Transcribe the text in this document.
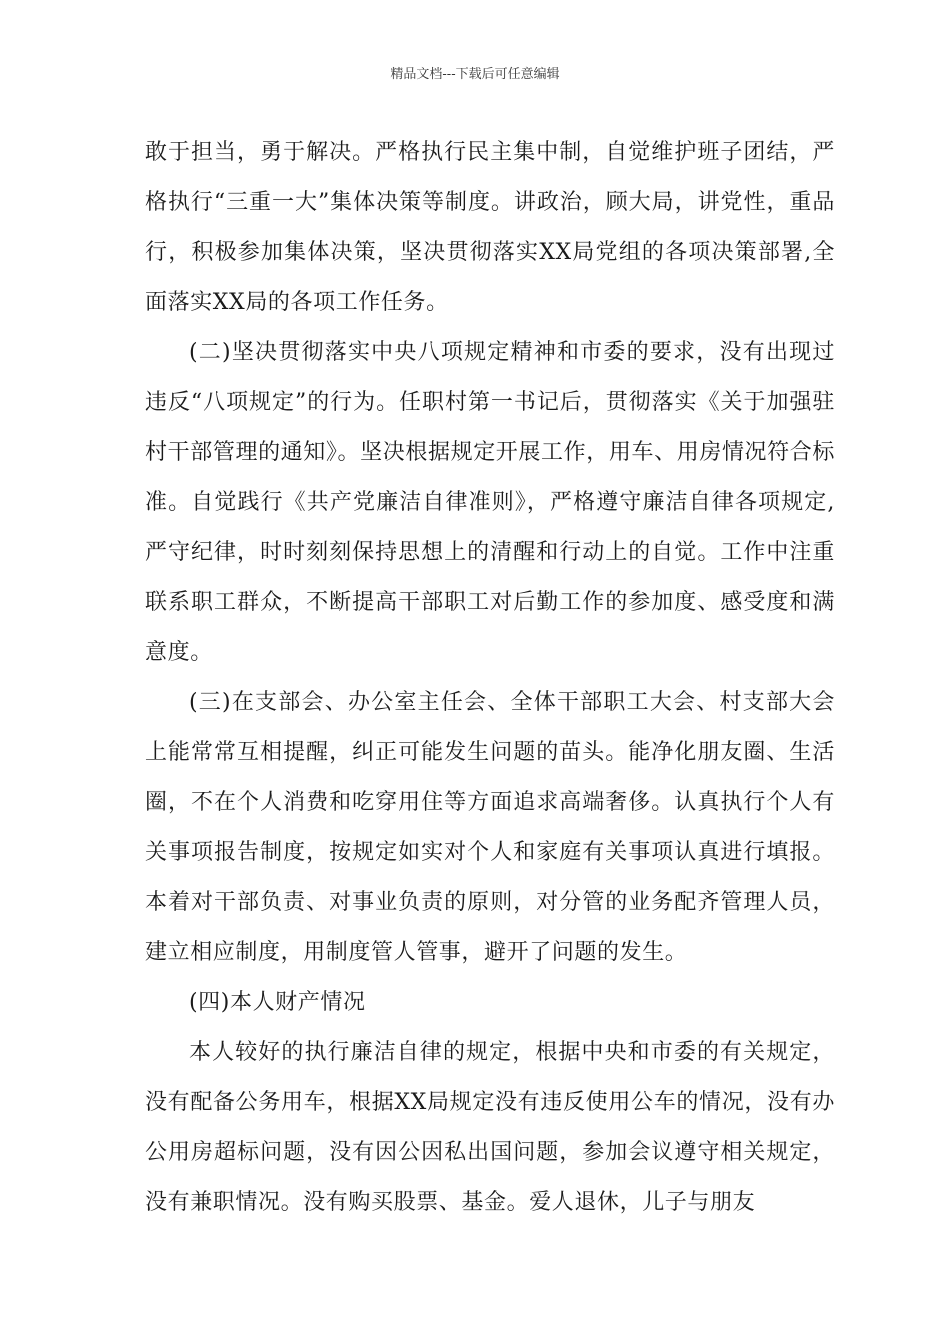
精品文档---下载后可任意编辑

敢于担当，勇于解决。严格执行民主集中制，自觉维护班子团结，严格执行“三重一大”集体决策等制度。讲政治，顾大局，讲党性，重品行，积极参加集体决策，坚决贯彻落实XX局党组的各项决策部署,全面落实XX局的各项工作任务。

(二)坚决贯彻落实中央八项规定精神和市委的要求，没有出现过违反“八项规定”的行为。任职村第一书记后，贯彻落实《关于加强驻村干部管理的通知》。坚决根据规定开展工作，用车、用房情况符合标准。自觉践行《共产党廉洁自律准则》，严格遵守廉洁自律各项规定,严守纪律，时时刻刻保持思想上的清醒和行动上的自觉。工作中注重联系职工群众，不断提高干部职工对后勤工作的参加度、感受度和满意度。

(三)在支部会、办公室主任会、全体干部职工大会、村支部大会上能常常互相提醒，纠正可能发生问题的苗头。能净化朋友圈、生活圈，不在个人消费和吃穿用住等方面追求高端奢侈。认真执行个人有关事项报告制度，按规定如实对个人和家庭有关事项认真进行填报。本着对干部负责、对事业负责的原则，对分管的业务配齐管理人员，建立相应制度，用制度管人管事，避开了问题的发生。

(四)本人财产情况

本人较好的执行廉洁自律的规定，根据中央和市委的有关规定，没有配备公务用车，根据XX局规定没有违反使用公车的情况，没有办公用房超标问题，没有因公因私出国问题，参加会议遵守相关规定，没有兼职情况。没有购买股票、基金。爱人退休，儿子与朋友
